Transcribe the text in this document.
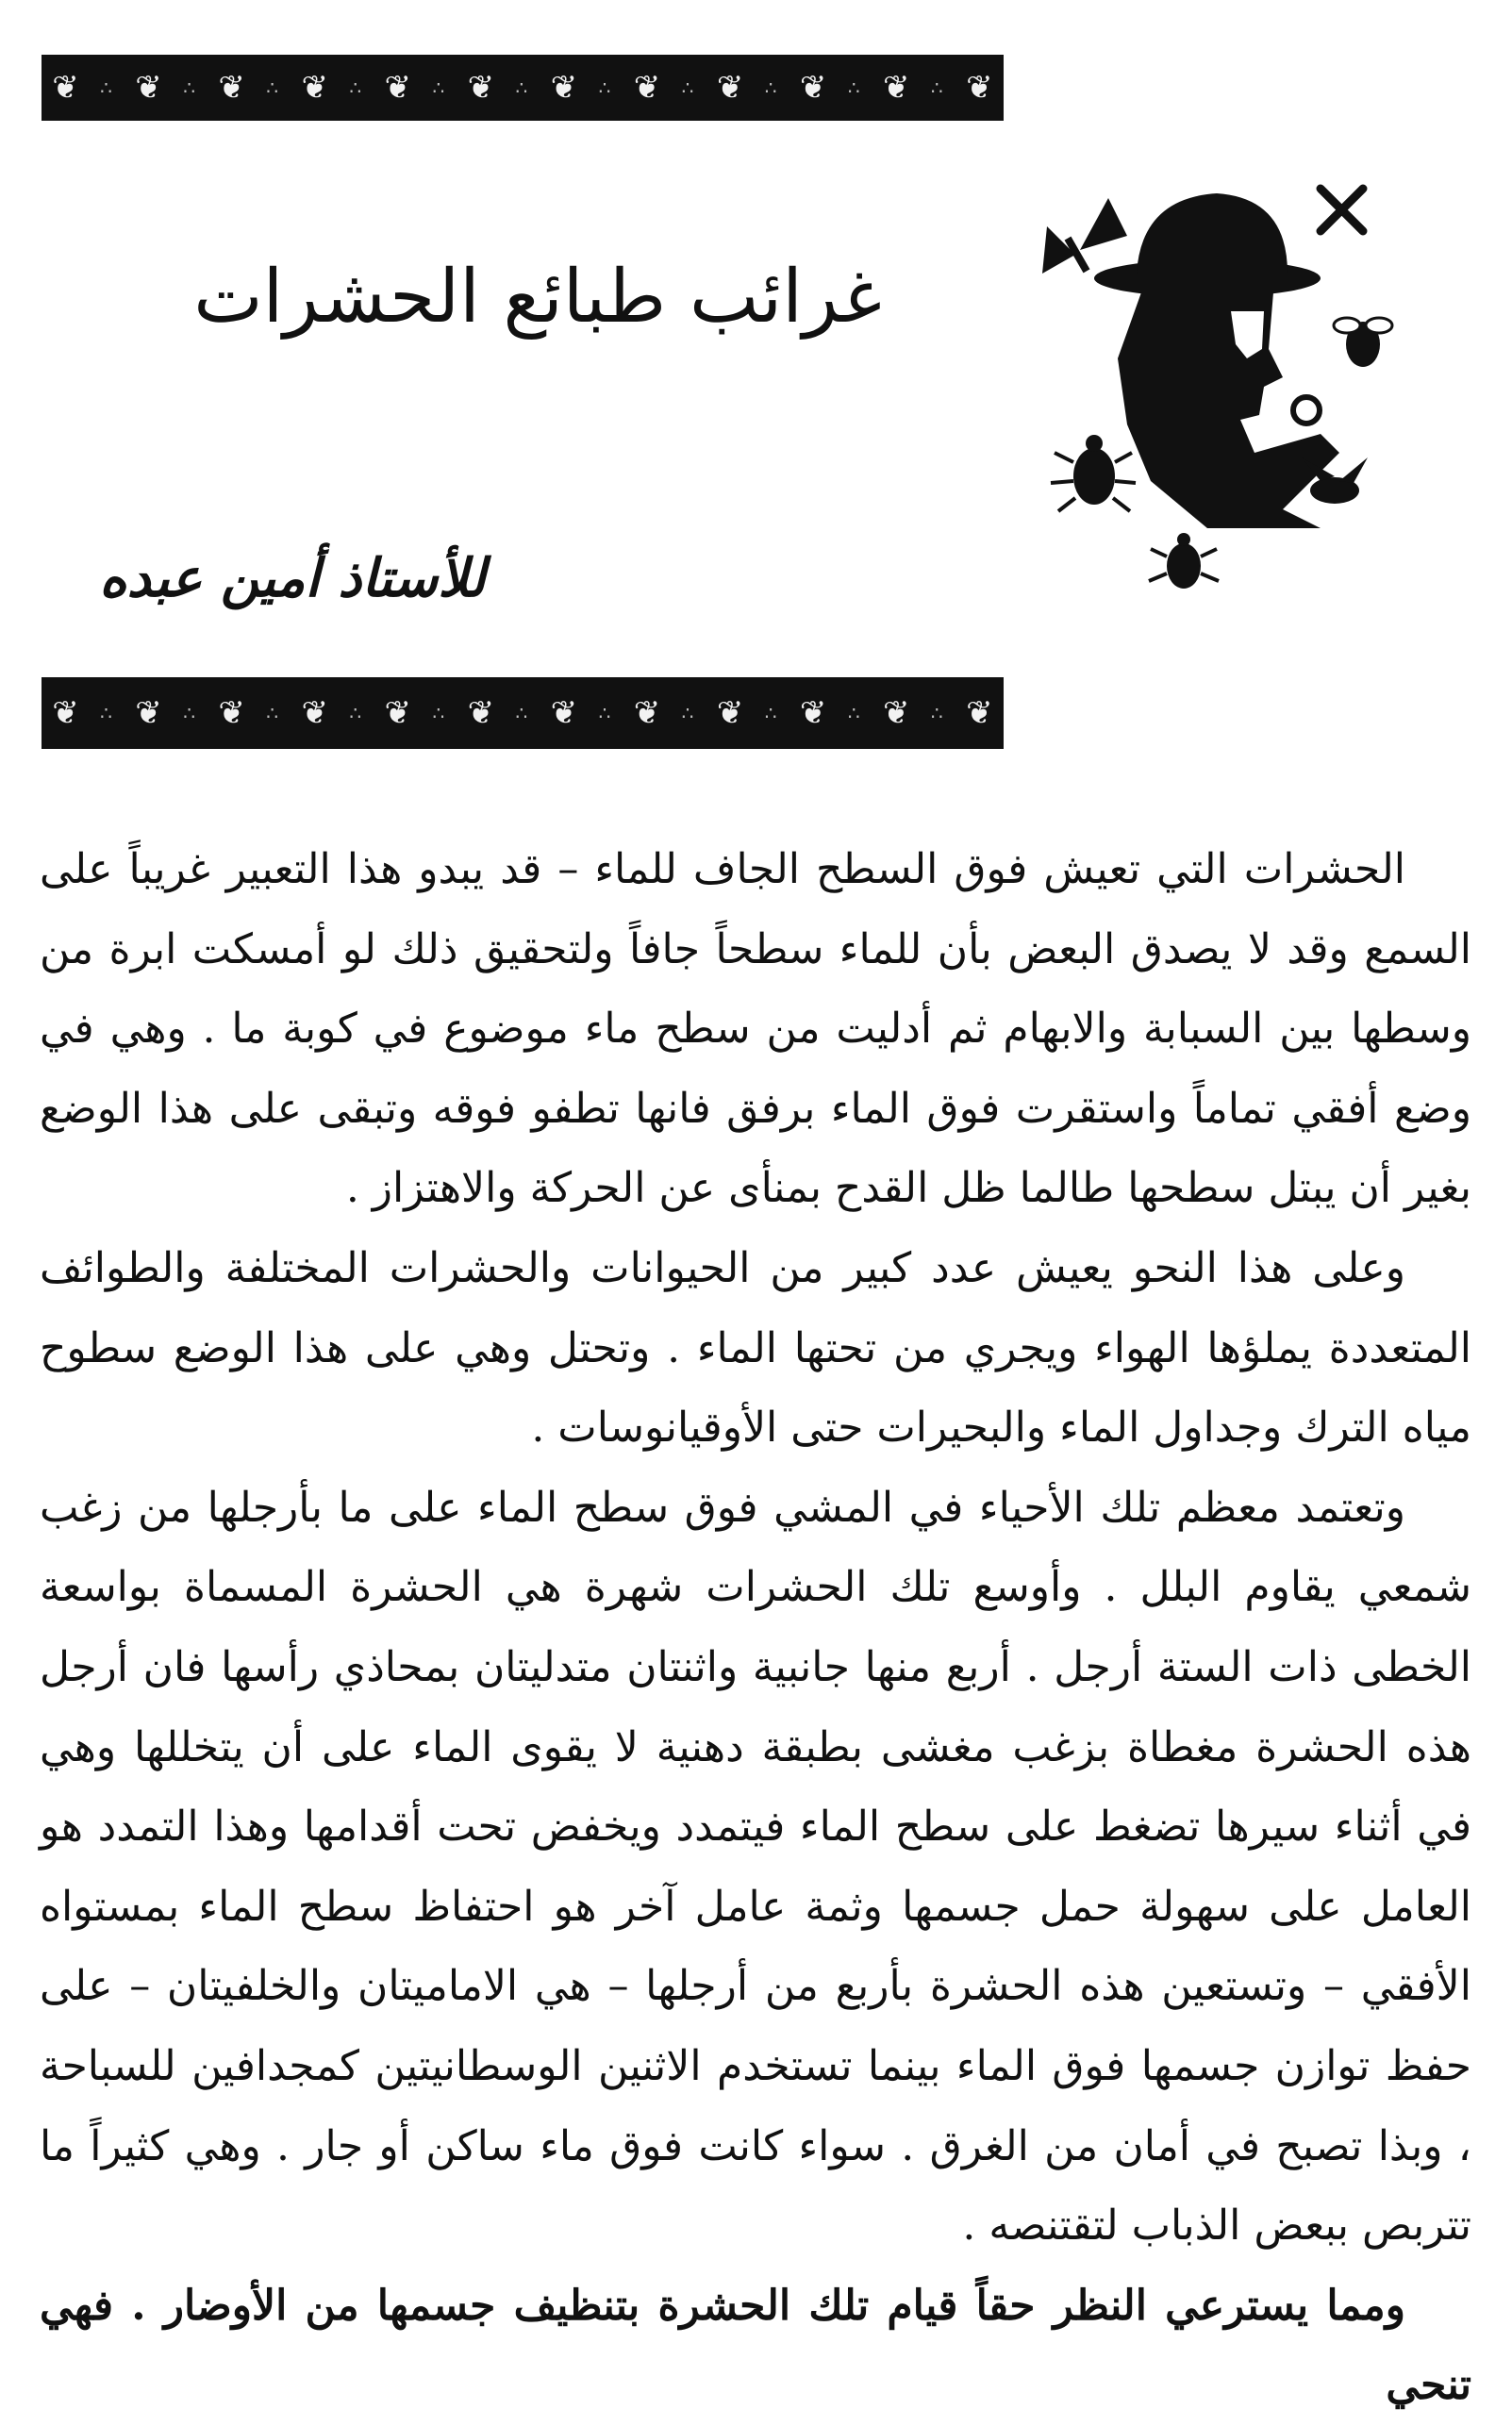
❦ ∴ ❦ ∴ ❦ ∴ ❦ ∴ ❦ ∴ ❦ ∴ ❦ ∴ ❦ ∴ ❦ ∴ ❦ ∴ ❦ ∴ ❦
غرائب طبائع الحشرات
للأستاذ أمين عبده
❦ ∴ ❦ ∴ ❦ ∴ ❦ ∴ ❦ ∴ ❦ ∴ ❦ ∴ ❦ ∴ ❦ ∴ ❦ ∴ ❦ ∴ ❦

الحشرات التي تعيش فوق السطح الجاف للماء – قد يبدو هذا التعبير غريباً على السمع وقد لا يصدق البعض بأن للماء سطحاً جافاً ولتحقيق ذلك لو أمسكت ابرة من وسطها بين السبابة والابهام ثم أدليت من سطح ماء موضوع في كوبة ما . وهي في وضع أفقي تماماً واستقرت فوق الماء برفق فانها تطفو فوقه وتبقى على هذا الوضع بغير أن يبتل سطحها طالما ظل القدح بمنأى عن الحركة والاهتزاز .

وعلى هذا النحو يعيش عدد كبير من الحيوانات والحشرات المختلفة والطوائف المتعددة يملؤها الهواء ويجري من تحتها الماء . وتحتل وهي على هذا الوضع سطوح مياه الترك وجداول الماء والبحيرات حتى الأوقيانوسات .

وتعتمد معظم تلك الأحياء في المشي فوق سطح الماء على ما بأرجلها من زغب شمعي يقاوم البلل . وأوسع تلك الحشرات شهرة هي الحشرة المسماة بواسعة الخطى ذات الستة أرجل . أربع منها جانبية واثنتان متدليتان بمحاذي رأسها فان أرجل هذه الحشرة مغطاة بزغب مغشى بطبقة دهنية لا يقوى الماء على أن يتخللها وهي في أثناء سيرها تضغط على سطح الماء فيتمدد ويخفض تحت أقدامها وهذا التمدد هو العامل على سهولة حمل جسمها وثمة عامل آخر هو احتفاظ سطح الماء بمستواه الأفقي – وتستعين هذه الحشرة بأربع من أرجلها – هي الاماميتان والخلفيتان – على حفظ توازن جسمها فوق الماء بينما تستخدم الاثنين الوسطانيتين كمجدافين للسباحة ، وبذا تصبح في أمان من الغرق . سواء كانت فوق ماء ساكن أو جار . وهي كثيراً ما تتربص ببعض الذباب لتقتنصه .

ومما يسترعي النظر حقاً قيام تلك الحشرة بتنظيف جسمها من الأوضار . فهي تنحي
